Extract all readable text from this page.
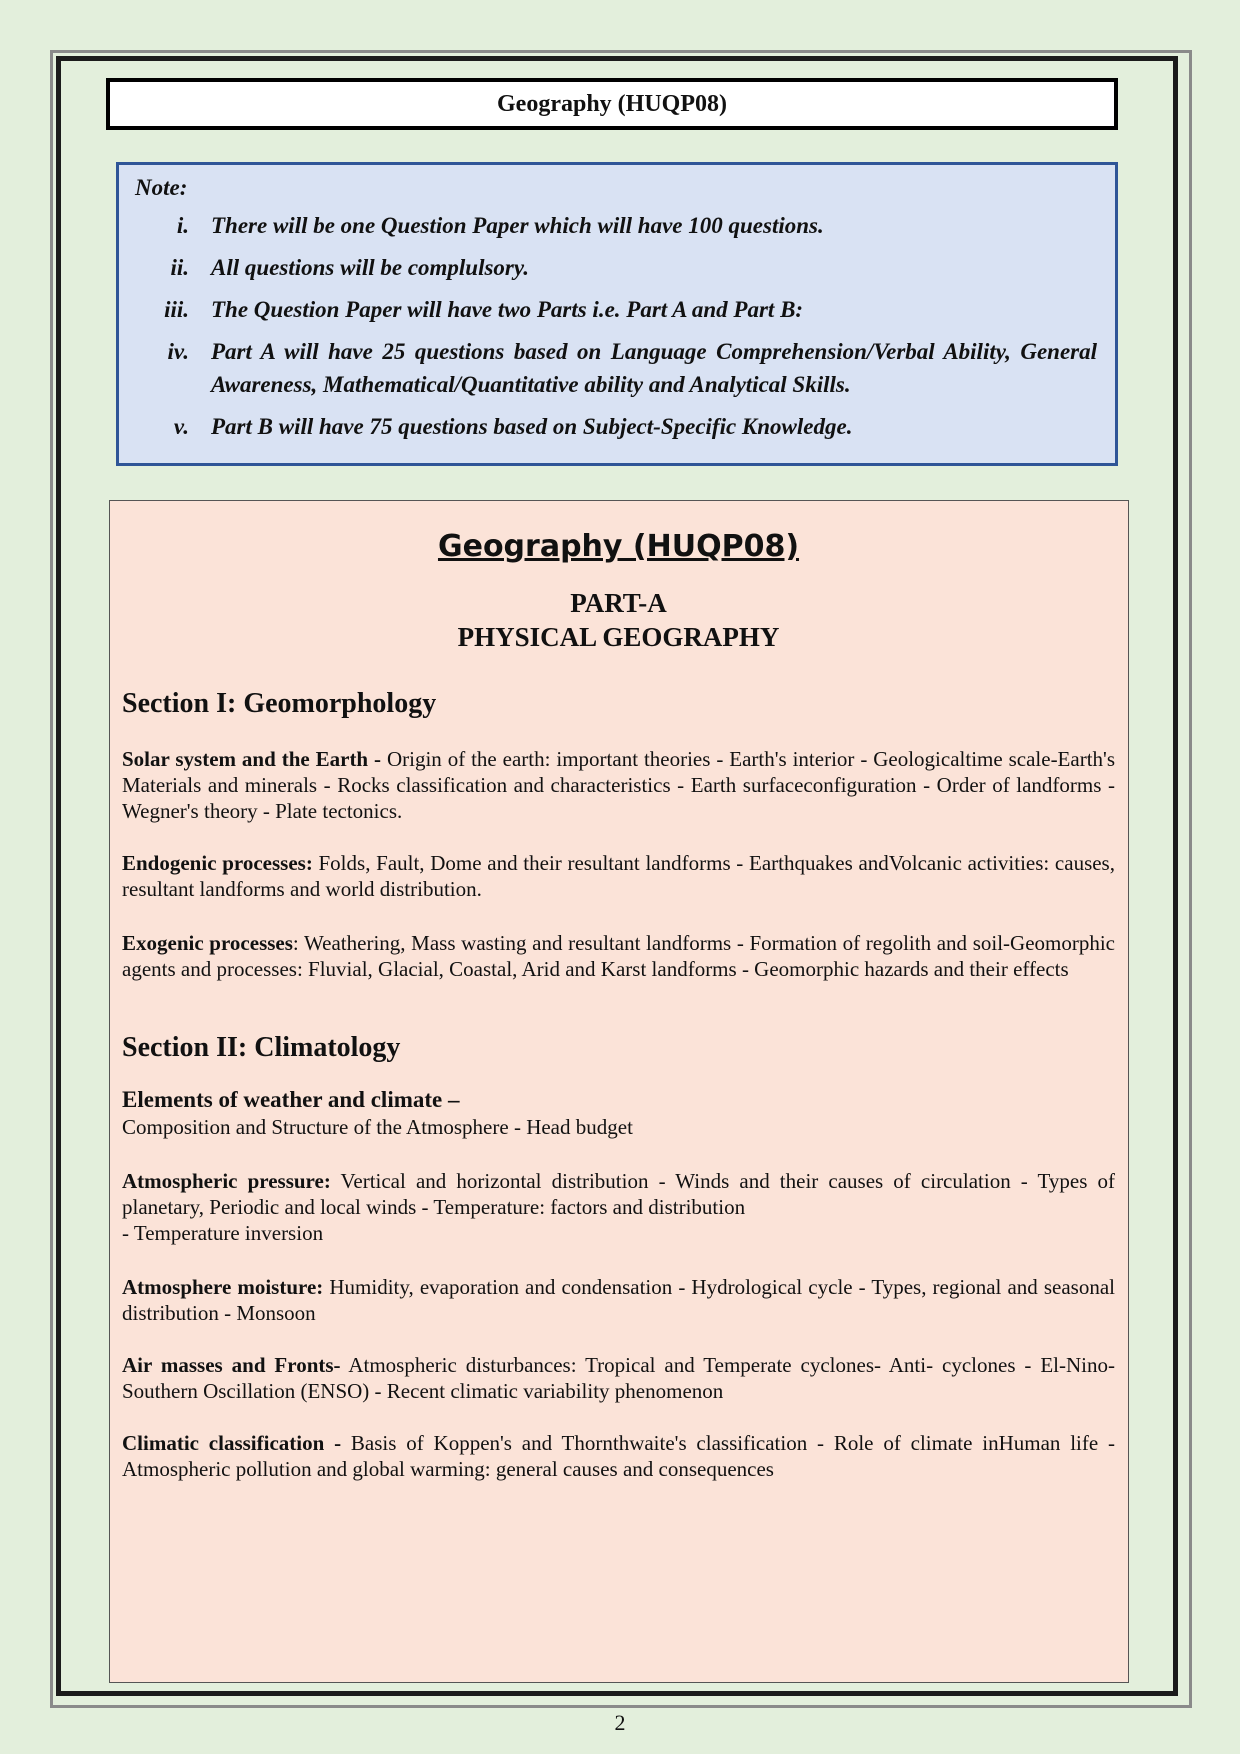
Geography (HUQP08)
Note:
i. There will be one Question Paper which will have 100 questions.
ii. All questions will be complulsory.
iii. The Question Paper will have two Parts i.e. Part A and Part B:
iv. Part A will have 25 questions based on Language Comprehension/Verbal Ability, General Awareness, Mathematical/Quantitative ability and Analytical Skills.
v. Part B will have 75 questions based on Subject-Specific Knowledge.
Geography (HUQP08)
PART-A
PHYSICAL GEOGRAPHY

Section I: Geomorphology

Solar system and the Earth - Origin of the earth: important theories - Earth's interior - Geologicaltime scale-Earth's Materials and minerals - Rocks classification and characteristics - Earth surfaceconfiguration - Order of landforms - Wegner's theory - Plate tectonics.

Endogenic processes: Folds, Fault, Dome and their resultant landforms - Earthquakes andVolcanic activities: causes, resultant landforms and world distribution.

Exogenic processes: Weathering, Mass wasting and resultant landforms - Formation of regolith and soil-Geomorphic agents and processes: Fluvial, Glacial, Coastal, Arid and Karst landforms - Geomorphic hazards and their effects

Section II: Climatology

Elements of weather and climate –

Composition and Structure of the Atmosphere - Head budget

Atmospheric pressure: Vertical and horizontal distribution - Winds and their causes of circulation - Types of planetary, Periodic and local winds - Temperature: factors and distribution

- Temperature inversion

Atmosphere moisture: Humidity, evaporation and condensation - Hydrological cycle - Types, regional and seasonal distribution - Monsoon

Air masses and Fronts- Atmospheric disturbances: Tropical and Temperate cyclones- Anti- cyclones - El-Nino-Southern Oscillation (ENSO) - Recent climatic variability phenomenon

Climatic classification - Basis of Koppen's and Thornthwaite's classification - Role of climate inHuman life - Atmospheric pollution and global warming: general causes and consequences

2
